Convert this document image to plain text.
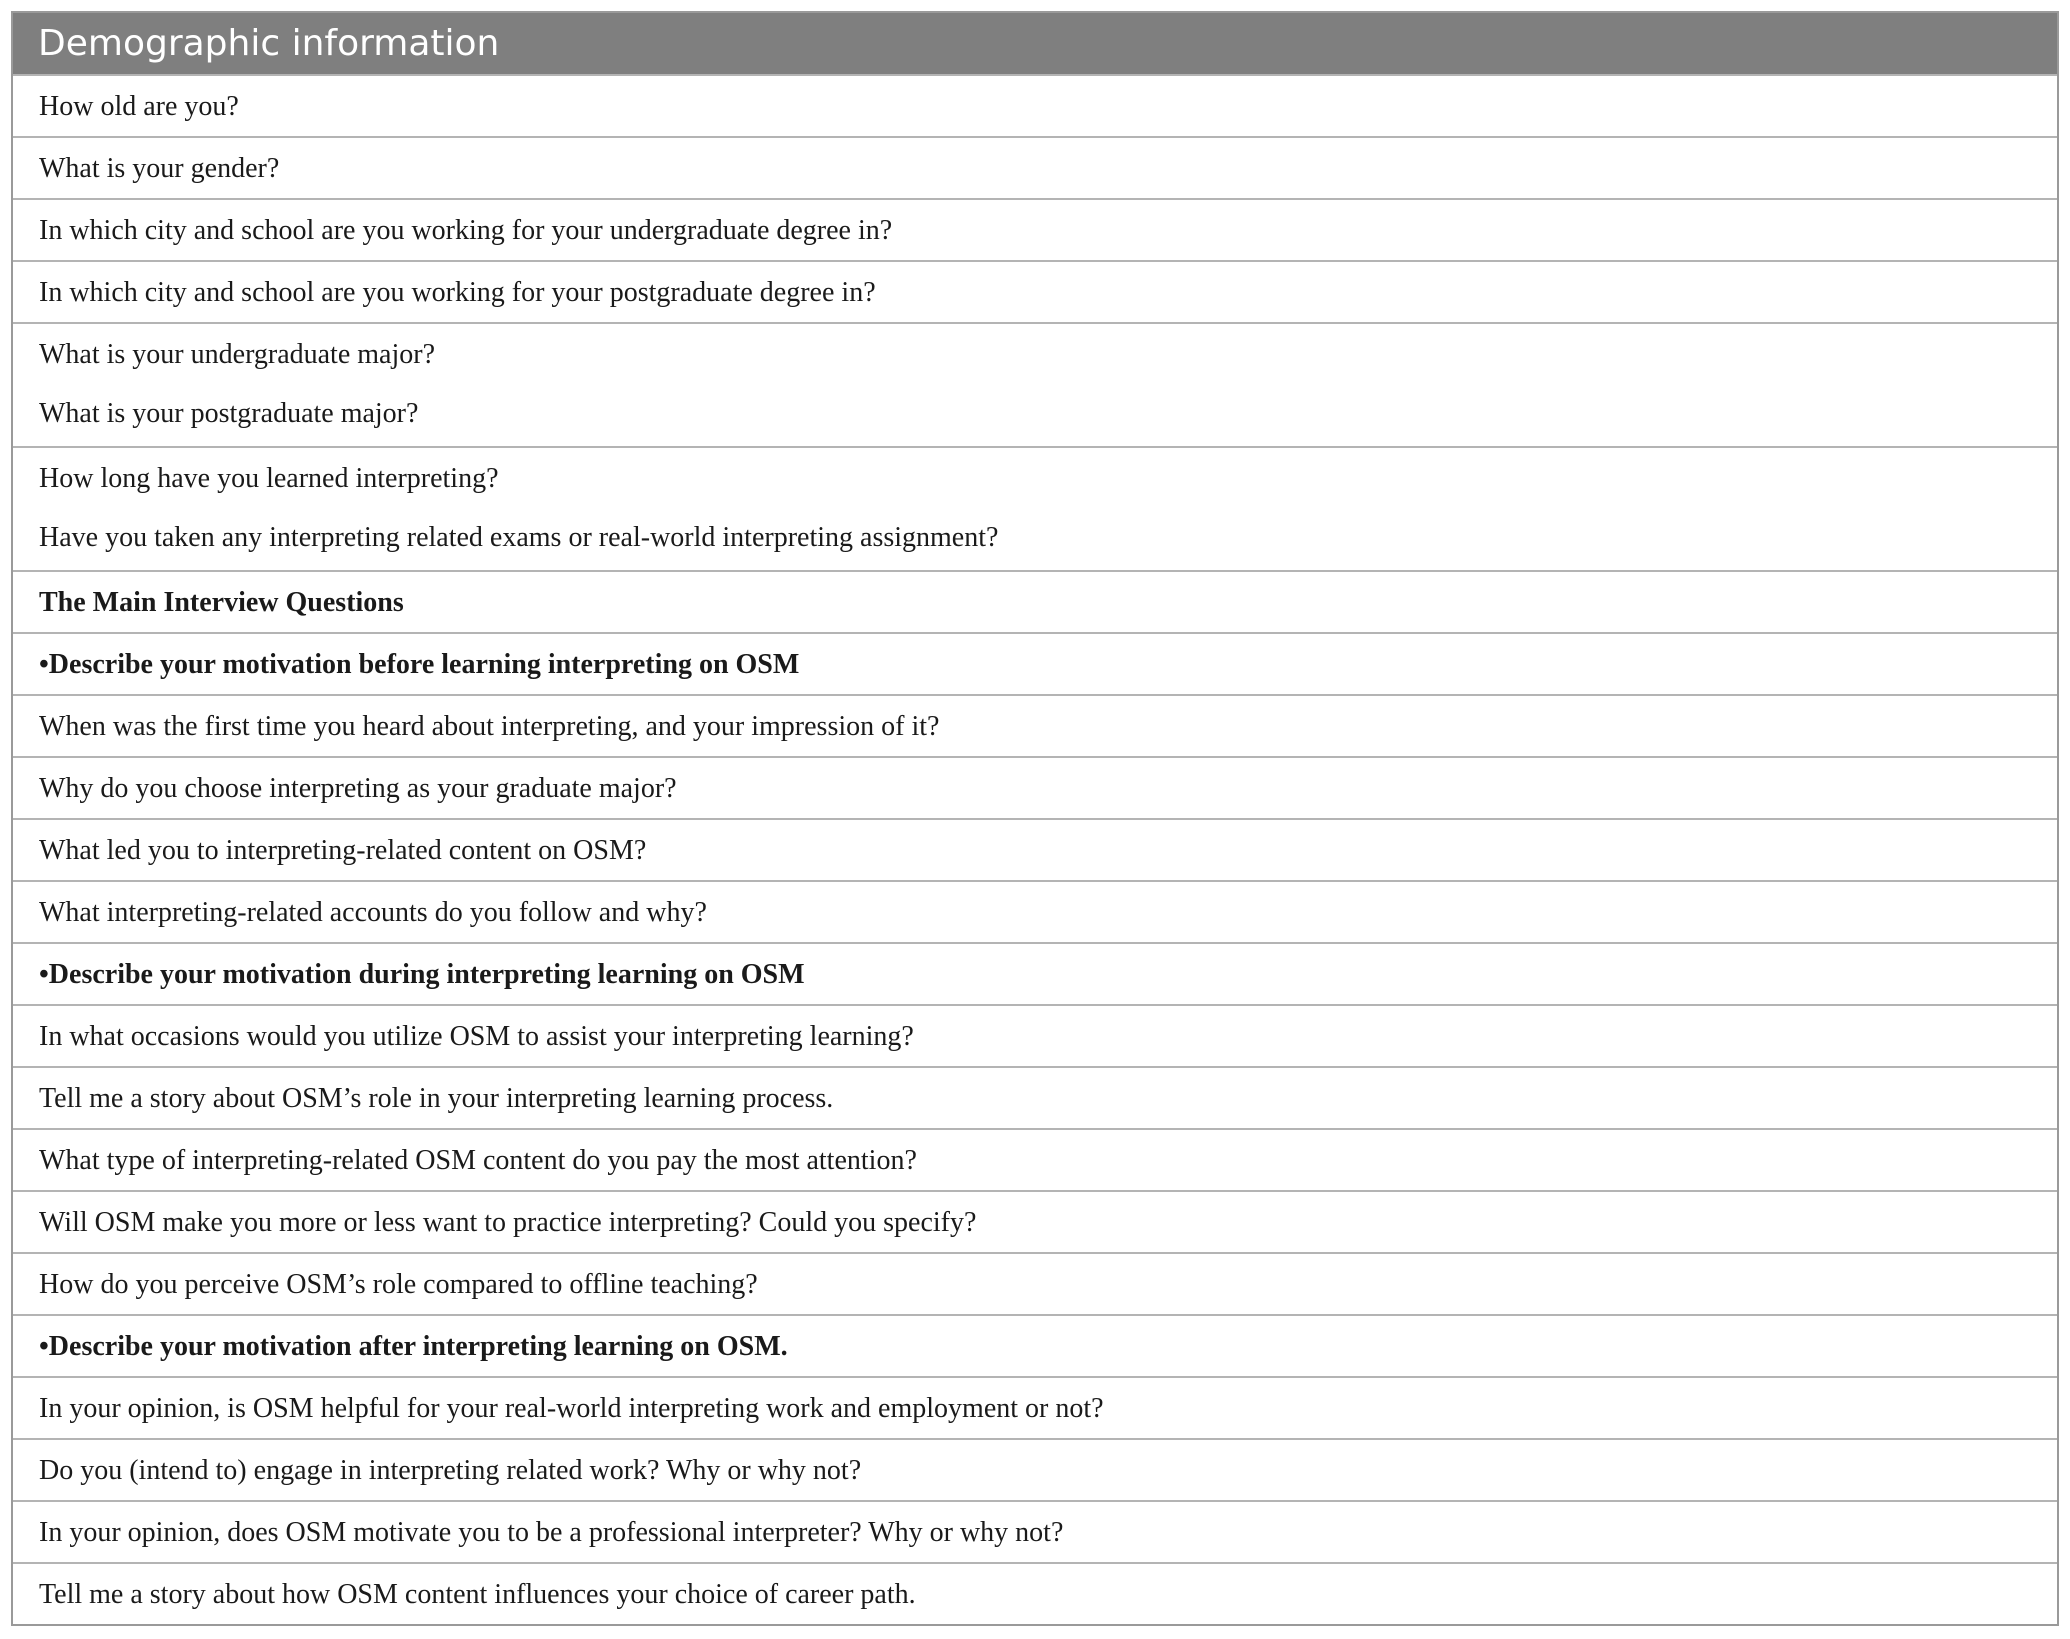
Demographic information
How old are you?
What is your gender?
In which city and school are you working for your undergraduate degree in?
In which city and school are you working for your postgraduate degree in?
What is your undergraduate major?
What is your postgraduate major?
How long have you learned interpreting?
Have you taken any interpreting related exams or real-world interpreting assignment?
The Main Interview Questions
•Describe your motivation before learning interpreting on OSM
When was the first time you heard about interpreting, and your impression of it?
Why do you choose interpreting as your graduate major?
What led you to interpreting-related content on OSM?
What interpreting-related accounts do you follow and why?
•Describe your motivation during interpreting learning on OSM
In what occasions would you utilize OSM to assist your interpreting learning?
Tell me a story about OSM’s role in your interpreting learning process.
What type of interpreting-related OSM content do you pay the most attention?
Will OSM make you more or less want to practice interpreting? Could you specify?
How do you perceive OSM’s role compared to offline teaching?
•Describe your motivation after interpreting learning on OSM.
In your opinion, is OSM helpful for your real-world interpreting work and employment or not?
Do you (intend to) engage in interpreting related work? Why or why not?
In your opinion, does OSM motivate you to be a professional interpreter? Why or why not?
Tell me a story about how OSM content influences your choice of career path.
